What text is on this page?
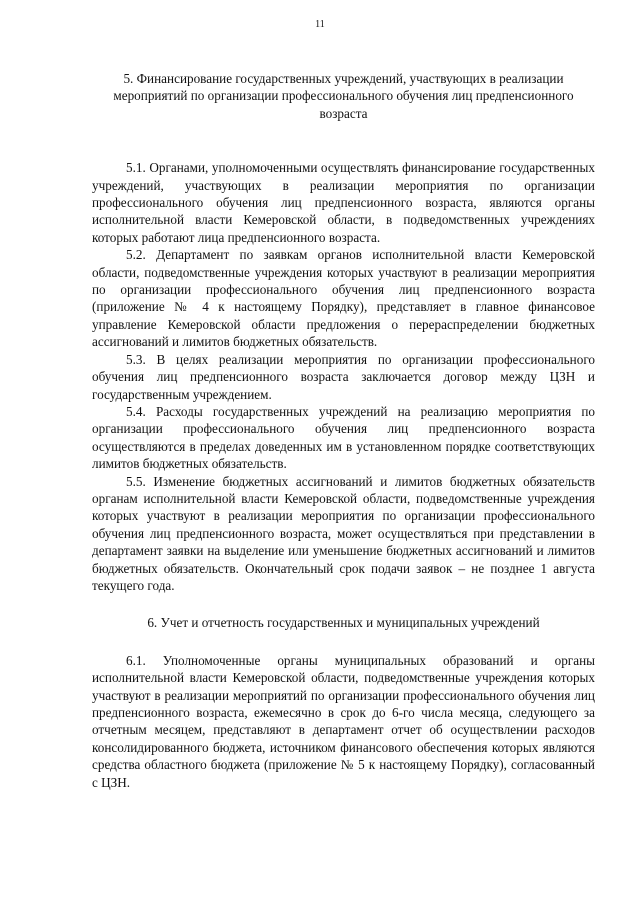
11

5. Финансирование государственных учреждений, участвующих в реализации мероприятий по организации профессионального обучения лиц предпенсионного возраста

5.1. Органами, уполномоченными осуществлять финансирование государственных учреждений, участвующих в реализации мероприятия по организации профессионального обучения лиц предпенсионного возраста, являются органы исполнительной власти Кемеровской области, в подведомственных учреждениях которых работают лица предпенсионного возраста.

5.2. Департамент по заявкам органов исполнительной власти Кемеровской области, подведомственные учреждения которых участвуют в реализации мероприятия по организации профессионального обучения лиц предпенсионного возраста (приложение № 4 к настоящему Порядку), представляет в главное финансовое управление Кемеровской области предложения о перераспределении бюджетных ассигнований и лимитов бюджетных обязательств.

5.3. В целях реализации мероприятия по организации профессионального обучения лиц предпенсионного возраста заключается договор между ЦЗН и государственным учреждением.

5.4. Расходы государственных учреждений на реализацию мероприятия по организации профессионального обучения лиц предпенсионного возраста осуществляются в пределах доведенных им в установленном порядке соответствующих лимитов бюджетных обязательств.

5.5. Изменение бюджетных ассигнований и лимитов бюджетных обязательств органам исполнительной власти Кемеровской области, подведомственные учреждения которых участвуют в реализации мероприятия по организации профессионального обучения лиц предпенсионного возраста, может осуществляться при представлении в департамент заявки на выделение или уменьшение бюджетных ассигнований и лимитов бюджетных обязательств. Окончательный срок подачи заявок – не позднее 1 августа текущего года.

6. Учет и отчетность государственных и муниципальных учреждений

6.1. Уполномоченные органы муниципальных образований и органы исполнительной власти Кемеровской области, подведомственные учреждения которых участвуют в реализации мероприятий по организации профессионального обучения лиц предпенсионного возраста, ежемесячно в срок до 6-го числа месяца, следующего за отчетным месяцем, представляют в департамент отчет об осуществлении расходов консолидированного бюджета, источником финансового обеспечения которых являются средства областного бюджета (приложение № 5 к настоящему Порядку), согласованный с ЦЗН.
